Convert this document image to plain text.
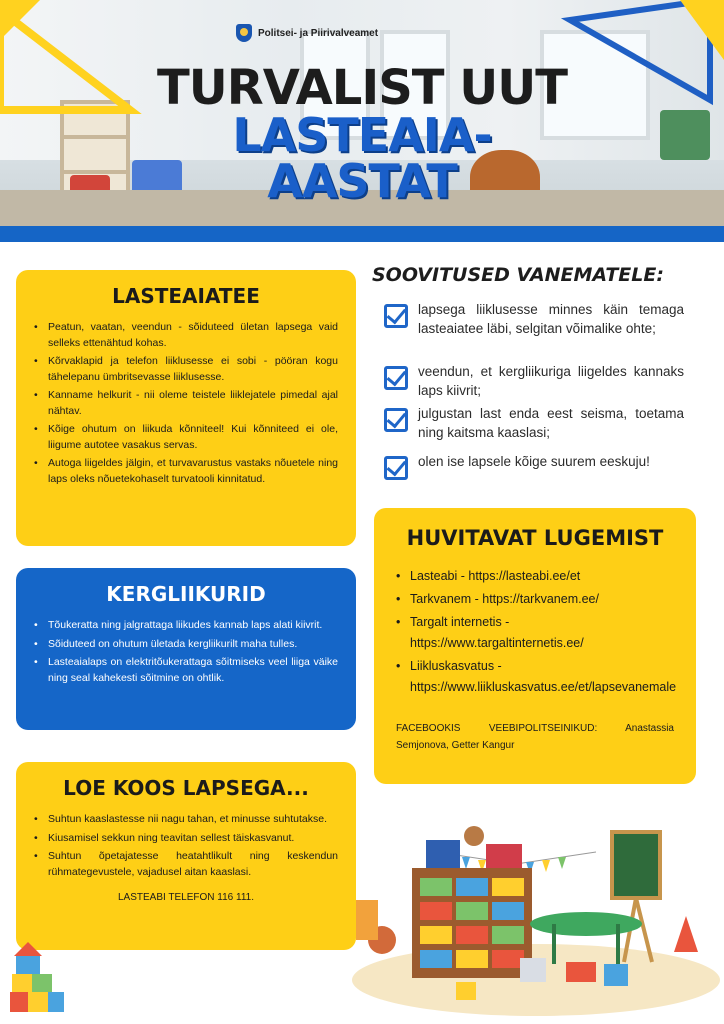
Politsei- ja Piirivalveamet
TURVALIST UUT
LASTEAIA-
AASTAT
LASTEAIATEE
• Peatun, vaatan, veendun - sõiduteed ületan lapsega vaid selleks ettenähtud kohas.
• Kõrvaklapid ja telefon liiklusesse ei sobi - pööran kogu tähelepanu ümbritsevasse liiklusesse.
• Kanname helkurit - nii oleme teistele liiklejatele pimedal ajal nähtav.
• Kõige ohutum on liikuda kõnniteel! Kui kõnniteed ei ole, liigume autotee vasakus servas.
• Autoga liigeldes jälgin, et turvavarustus vastaks nõuetele ning laps oleks nõuetekohaselt turvatooli kinnitatud.
KERGLIIKURID
• Tõukeratta ning jalgrattaga liikudes kannab laps alati kiivrit.
• Sõiduteed on ohutum ületada kergliikurilt maha tulles.
• Lasteaialaps on elektritõukerattaga sõitmiseks veel liiga väike ning seal kahekesti sõitmine on ohtlik.
LOE KOOS LAPSEGA...
• Suhtun kaaslastesse nii nagu tahan, et minusse suhtutakse.
• Kiusamisel sekkun ning teavitan sellest täiskasvanut.
• Suhtun õpetajatesse heatahtlikult ning keskendun rühmategevustele, vajadusel aitan kaaslasi.
LASTEABI TELEFON 116 111.
SOOVITUSED VANEMATELE:
lapsega liiklusesse minnes käin temaga lasteaiatee läbi, selgitan võimalike ohte;
veendun, et kergliikuriga liigeldes kannaks laps kiivrit;
julgustan last enda eest seisma, toetama ning kaitsma kaaslasi;
olen ise lapsele kõige suurem eeskuju!
HUVITAVAT LUGEMIST
• Lasteabi - https://lasteabi.ee/et
• Tarkvanem - https://tarkvanem.ee/
• Targalt internetis - https://www.targaltinternetis.ee/
• Liikluskasvatus - https://www.liikluskasvatus.ee/et/lapsevanemale
FACEBOOKIS VEEBIPOLITSEINIKUD: Anastassia Semjonova, Getter Kangur
